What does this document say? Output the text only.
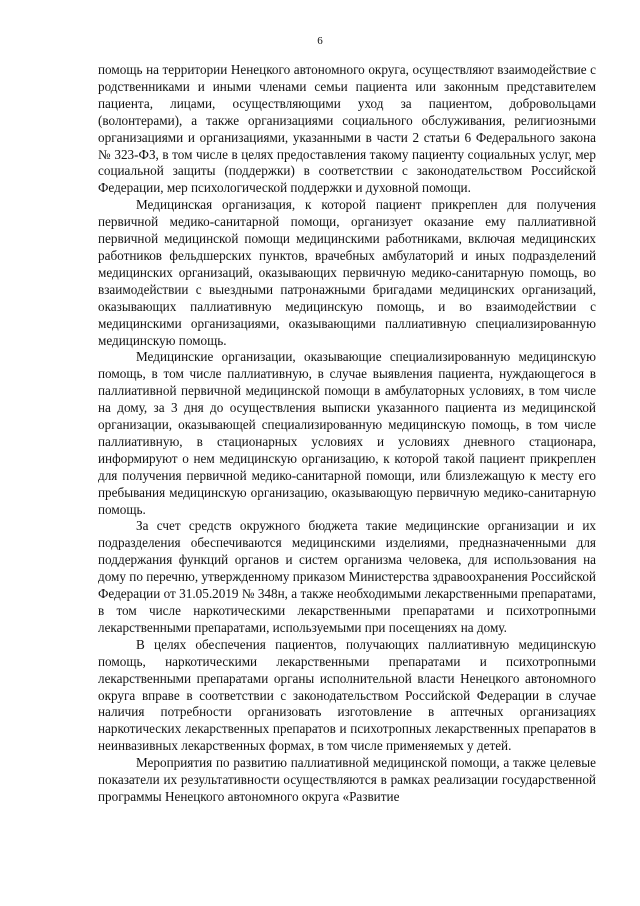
6

помощь на территории Ненецкого автономного округа, осуществляют взаимодействие с родственниками и иными членами семьи пациента или законным представителем пациента, лицами, осуществляющими уход за пациентом, добровольцами (волонтерами), а также организациями социального обслуживания, религиозными организациями и организациями, указанными в части 2 статьи 6 Федерального закона № 323-ФЗ, в том числе в целях предоставления такому пациенту социальных услуг, мер социальной защиты (поддержки) в соответствии с законодательством Российской Федерации, мер психологической поддержки и духовной помощи.

Медицинская организация, к которой пациент прикреплен для получения первичной медико-санитарной помощи, организует оказание ему паллиативной первичной медицинской помощи медицинскими работниками, включая медицинских работников фельдшерских пунктов, врачебных амбулаторий и иных подразделений медицинских организаций, оказывающих первичную медико-санитарную помощь, во взаимодействии с выездными патронажными бригадами медицинских организаций, оказывающих паллиативную медицинскую помощь, и во взаимодействии с медицинскими организациями, оказывающими паллиативную специализированную медицинскую помощь.

Медицинские организации, оказывающие специализированную медицинскую помощь, в том числе паллиативную, в случае выявления пациента, нуждающегося в паллиативной первичной медицинской помощи в амбулаторных условиях, в том числе на дому, за 3 дня до осуществления выписки указанного пациента из медицинской организации, оказывающей специализированную медицинскую помощь, в том числе паллиативную, в стационарных условиях и условиях дневного стационара, информируют о нем медицинскую организацию, к которой такой пациент прикреплен для получения первичной медико-санитарной помощи, или близлежащую к месту его пребывания медицинскую организацию, оказывающую первичную медико-санитарную помощь.

За счет средств окружного бюджета такие медицинские организации и их подразделения обеспечиваются медицинскими изделиями, предназначенными для поддержания функций органов и систем организма человека, для использования на дому по перечню, утвержденному приказом Министерства здравоохранения Российской Федерации от 31.05.2019 № 348н, а также необходимыми лекарственными препаратами, в том числе наркотическими лекарственными препаратами и психотропными лекарственными препаратами, используемыми при посещениях на дому.

В целях обеспечения пациентов, получающих паллиативную медицинскую помощь, наркотическими лекарственными препаратами и психотропными лекарственными препаратами органы исполнительной власти Ненецкого автономного округа вправе в соответствии с законодательством Российской Федерации в случае наличия потребности организовать изготовление в аптечных организациях наркотических лекарственных препаратов и психотропных лекарственных препаратов в неинвазивных лекарственных формах, в том числе применяемых у детей.

Мероприятия по развитию паллиативной медицинской помощи, а также целевые показатели их результативности осуществляются в рамках реализации государственной программы Ненецкого автономного округа «Развитие
